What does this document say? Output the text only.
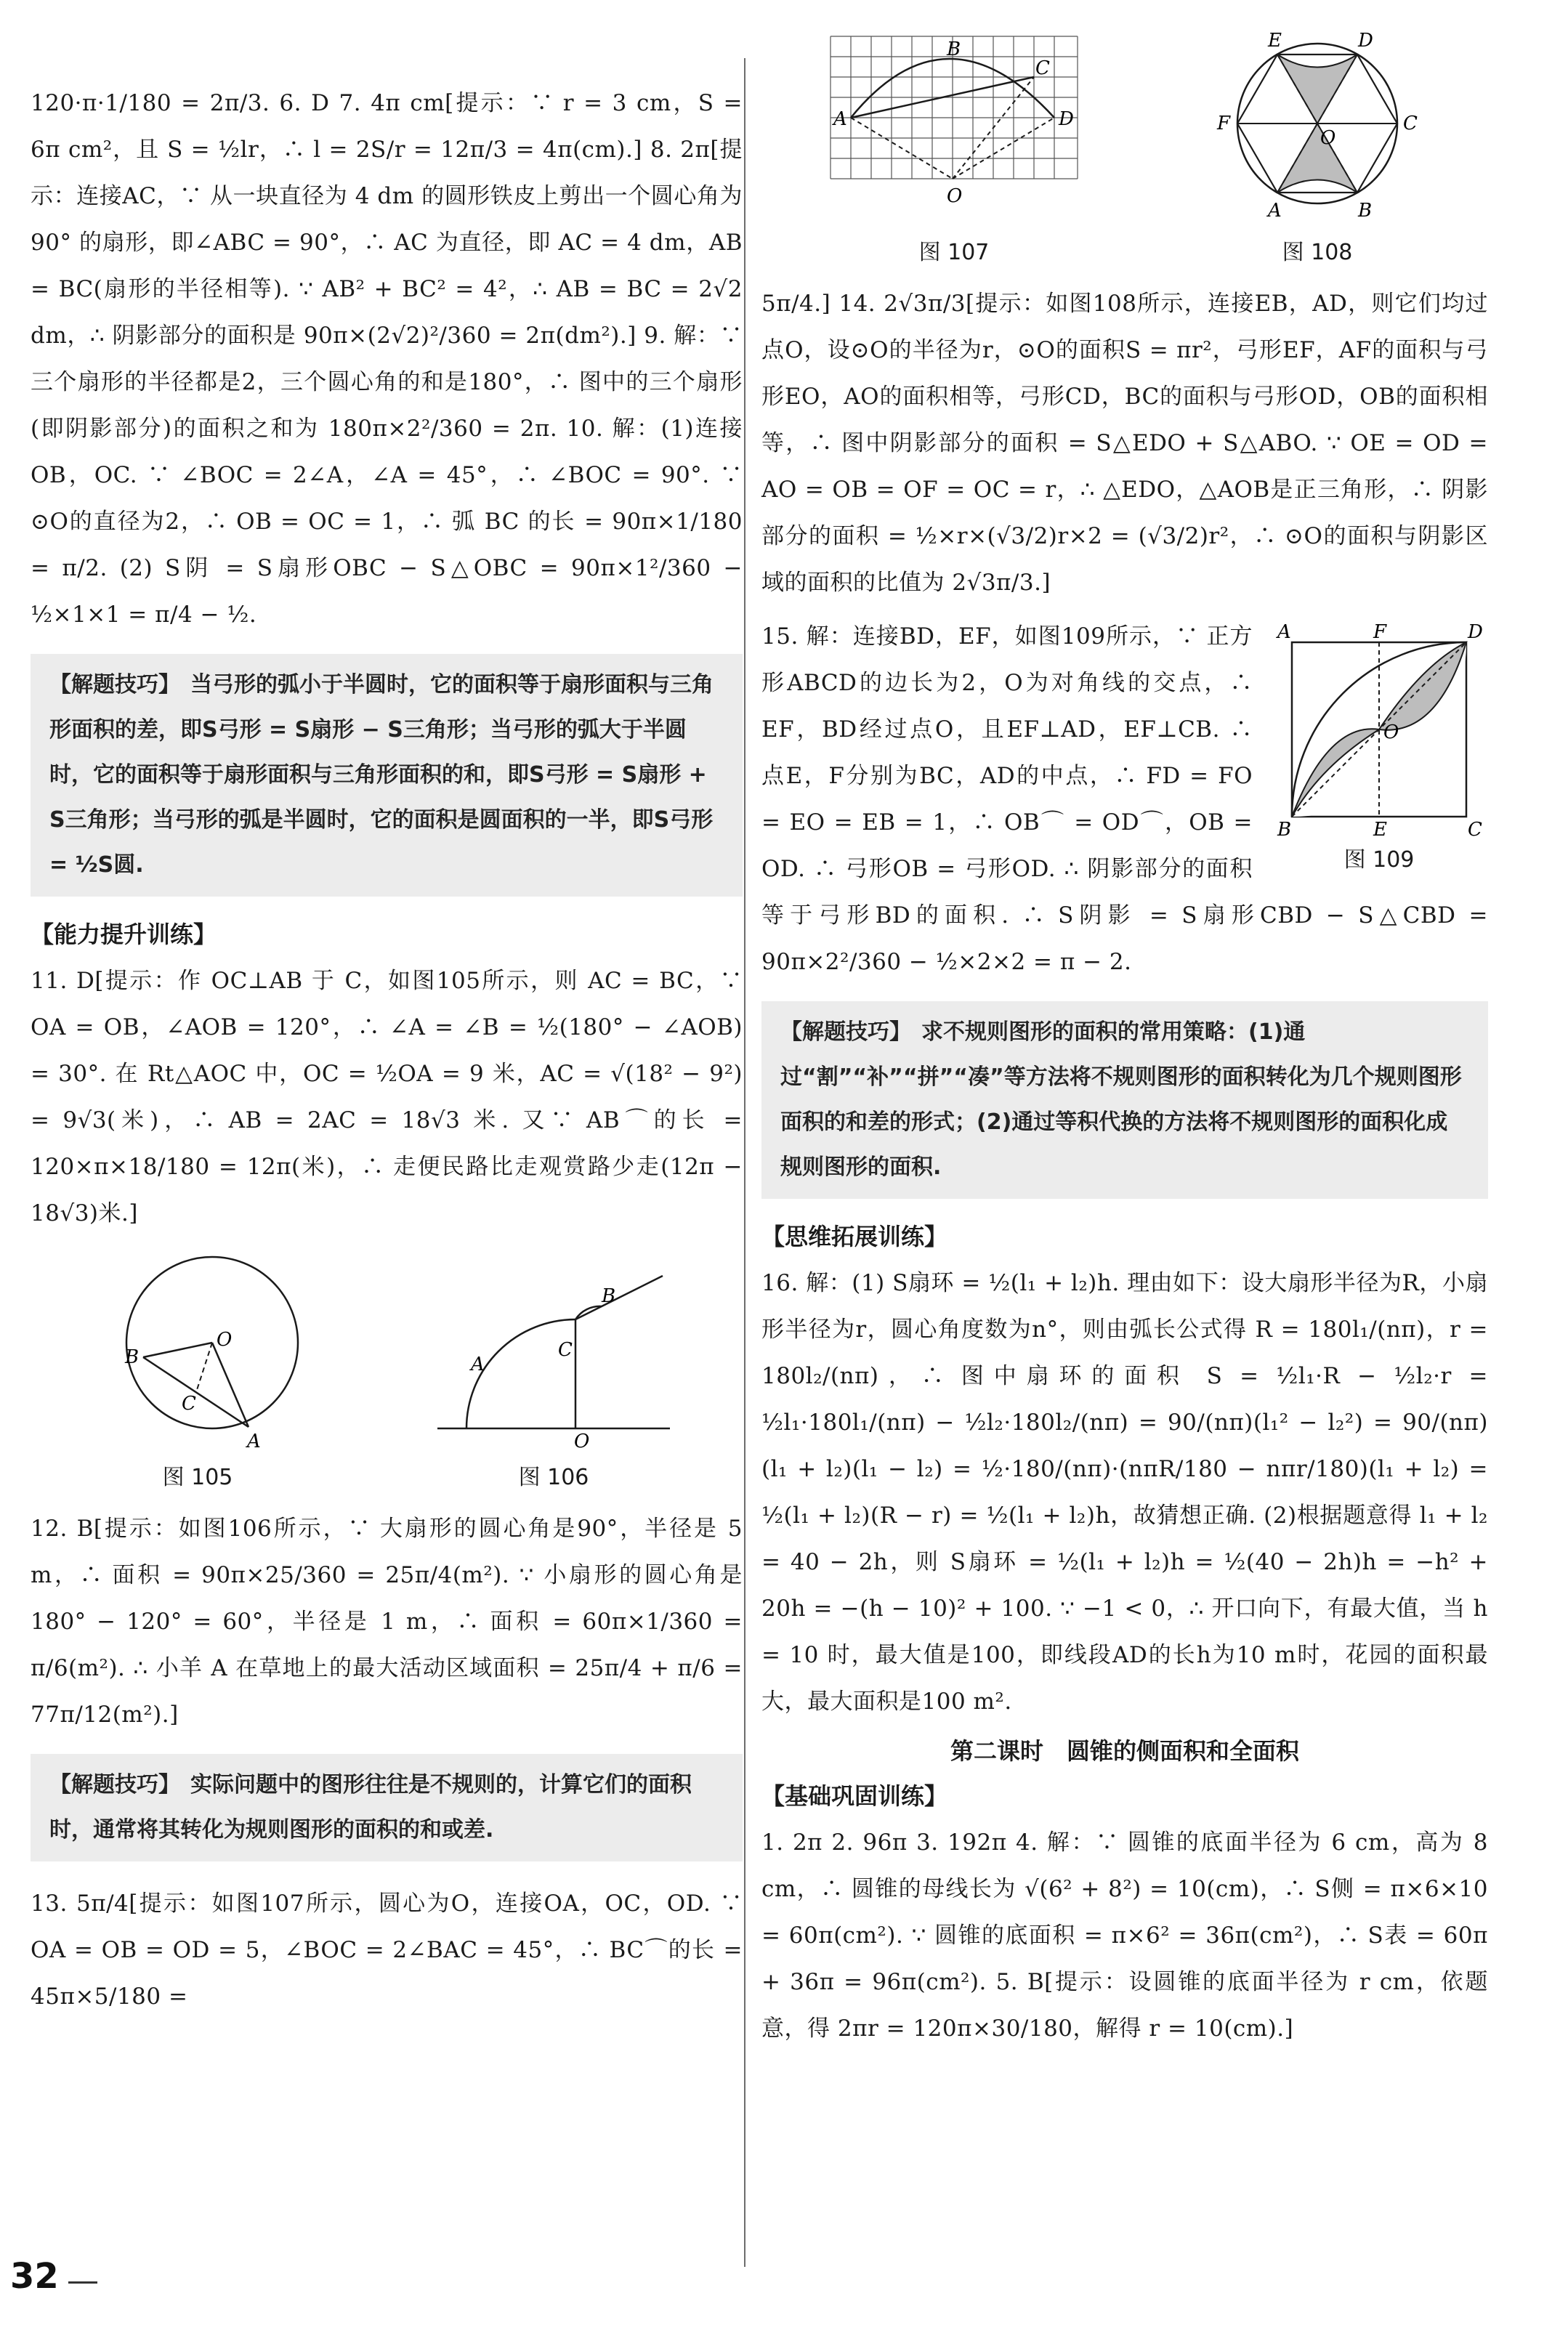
120·π·1/180 = 2π/3. 6. D 7. 4π cm[提示：∵ r = 3 cm，S = 6π cm²，且 S = ½lr，∴ l = 2S/r = 12π/3 = 4π(cm).] 8. 2π[提示：连接AC，∵ 从一块直径为 4 dm 的圆形铁皮上剪出一个圆心角为 90° 的扇形，即∠ABC = 90°，∴ AC 为直径，即 AC = 4 dm，AB = BC(扇形的半径相等). ∵ AB² + BC² = 4²，∴ AB = BC = 2√2 dm，∴ 阴影部分的面积是 90π×(2√2)²/360 = 2π(dm²).] 9. 解：∵ 三个扇形的半径都是2，三个圆心角的和是180°，∴ 图中的三个扇形(即阴影部分)的面积之和为 180π×2²/360 = 2π. 10. 解：(1)连接OB，OC. ∵ ∠BOC = 2∠A，∠A = 45°，∴ ∠BOC = 90°. ∵ ⊙O的直径为2，∴ OB = OC = 1，∴ 弧 BC 的长 = 90π×1/180 = π/2. (2) S阴 = S扇形OBC − S△OBC = 90π×1²/360 − ½×1×1 = π/4 − ½.

【解题技巧】 当弓形的弧小于半圆时，它的面积等于扇形面积与三角形面积的差，即S弓形 = S扇形 − S三角形；当弓形的弧大于半圆时，它的面积等于扇形面积与三角形面积的和，即S弓形 = S扇形 + S三角形；当弓形的弧是半圆时，它的面积是圆面积的一半，即S弓形 = ½S圆.
【能力提升训练】

11. D[提示：作 OC⊥AB 于 C，如图105所示，则 AC = BC，∵ OA = OB，∠AOB = 120°，∴ ∠A = ∠B = ½(180° − ∠AOB) = 30°. 在 Rt△AOC 中，OC = ½OA = 9 米，AC = √(18² − 9²) = 9√3(米)，∴ AB = 2AC = 18√3 米. 又∵ AB⌒的长 = 120×π×18/180 = 12π(米)，∴ 走便民路比走观赏路少走(12π − 18√3)米.]

O
B
C
A
图 105
O
A
C
B
图 106

12. B[提示：如图106所示，∵ 大扇形的圆心角是90°，半径是 5 m，∴ 面积 = 90π×25/360 = 25π/4(m²). ∵ 小扇形的圆心角是 180° − 120° = 60°，半径是 1 m，∴ 面积 = 60π×1/360 = π/6(m²). ∴ 小羊 A 在草地上的最大活动区域面积 = 25π/4 + π/6 = 77π/12(m²).]

【解题技巧】 实际问题中的图形往往是不规则的，计算它们的面积时，通常将其转化为规则图形的面积的和或差.

13. 5π/4[提示：如图107所示，圆心为O，连接OA，OC，OD. ∵ OA = OB = OD = 5，∠BOC = 2∠BAC = 45°，∴ BC⌒的长 = 45π×5/180 =

B
C
A	D
O
图 107
E	D
F	C
O
A	B
图 108

5π/4.] 14. 2√3π/3[提示：如图108所示，连接EB，AD，则它们均过点O，设⊙O的半径为r，⊙O的面积S = πr²，弓形EF，AF的面积与弓形EO，AO的面积相等，弓形CD，BC的面积与弓形OD，OB的面积相等，∴ 图中阴影部分的面积 = S△EDO + S△ABO. ∵ OE = OD = AO = OB = OF = OC = r，∴ △EDO，△AOB是正三角形，∴ 阴影部分的面积 = ½×r×(√3/2)r×2 = (√3/2)r²，∴ ⊙O的面积与阴影区域的面积的比值为 2√3π/3.]

A	F	D
O
B	E	C
图 109

15. 解：连接BD，EF，如图109所示，∵ 正方形ABCD的边长为2，O为对角线的交点，∴ EF，BD经过点O，且EF⊥AD，EF⊥CB. ∴ 点E，F分别为BC，AD的中点，∴ FD = FO = EO = EB = 1，∴ OB⌒ = OD⌒，OB = OD. ∴ 弓形OB = 弓形OD. ∴ 阴影部分的面积等于弓形BD的面积. ∴ S阴影 = S扇形CBD − S△CBD = 90π×2²/360 − ½×2×2 = π − 2.

【解题技巧】 求不规则图形的面积的常用策略：(1)通过“割”“补”“拼”“凑”等方法将不规则图形的面积转化为几个规则图形面积的和差的形式；(2)通过等积代换的方法将不规则图形的面积化成规则图形的面积.
【思维拓展训练】

16. 解：(1) S扇环 = ½(l₁ + l₂)h. 理由如下：设大扇形半径为R，小扇形半径为r，圆心角度数为n°，则由弧长公式得 R = 180l₁/(nπ)，r = 180l₂/(nπ)，∴ 图中扇环的面积 S = ½l₁·R − ½l₂·r = ½l₁·180l₁/(nπ) − ½l₂·180l₂/(nπ) = 90/(nπ)(l₁² − l₂²) = 90/(nπ)(l₁ + l₂)(l₁ − l₂) = ½·180/(nπ)·(nπR/180 − nπr/180)(l₁ + l₂) = ½(l₁ + l₂)(R − r) = ½(l₁ + l₂)h，故猜想正确. (2)根据题意得 l₁ + l₂ = 40 − 2h，则 S扇环 = ½(l₁ + l₂)h = ½(40 − 2h)h = −h² + 20h = −(h − 10)² + 100. ∵ −1 < 0，∴ 开口向下，有最大值，当 h = 10 时，最大值是100，即线段AD的长h为10 m时，花园的面积最大，最大面积是100 m².

第二课时　圆锥的侧面积和全面积
【基础巩固训练】

1. 2π 2. 96π 3. 192π 4. 解：∵ 圆锥的底面半径为 6 cm，高为 8 cm，∴ 圆锥的母线长为 √(6² + 8²) = 10(cm)，∴ S侧 = π×6×10 = 60π(cm²). ∵ 圆锥的底面积 = π×6² = 36π(cm²)，∴ S表 = 60π + 36π = 96π(cm²). 5. B[提示：设圆锥的底面半径为 r cm，依题意，得 2πr = 120π×30/180，解得 r = 10(cm).]

32
